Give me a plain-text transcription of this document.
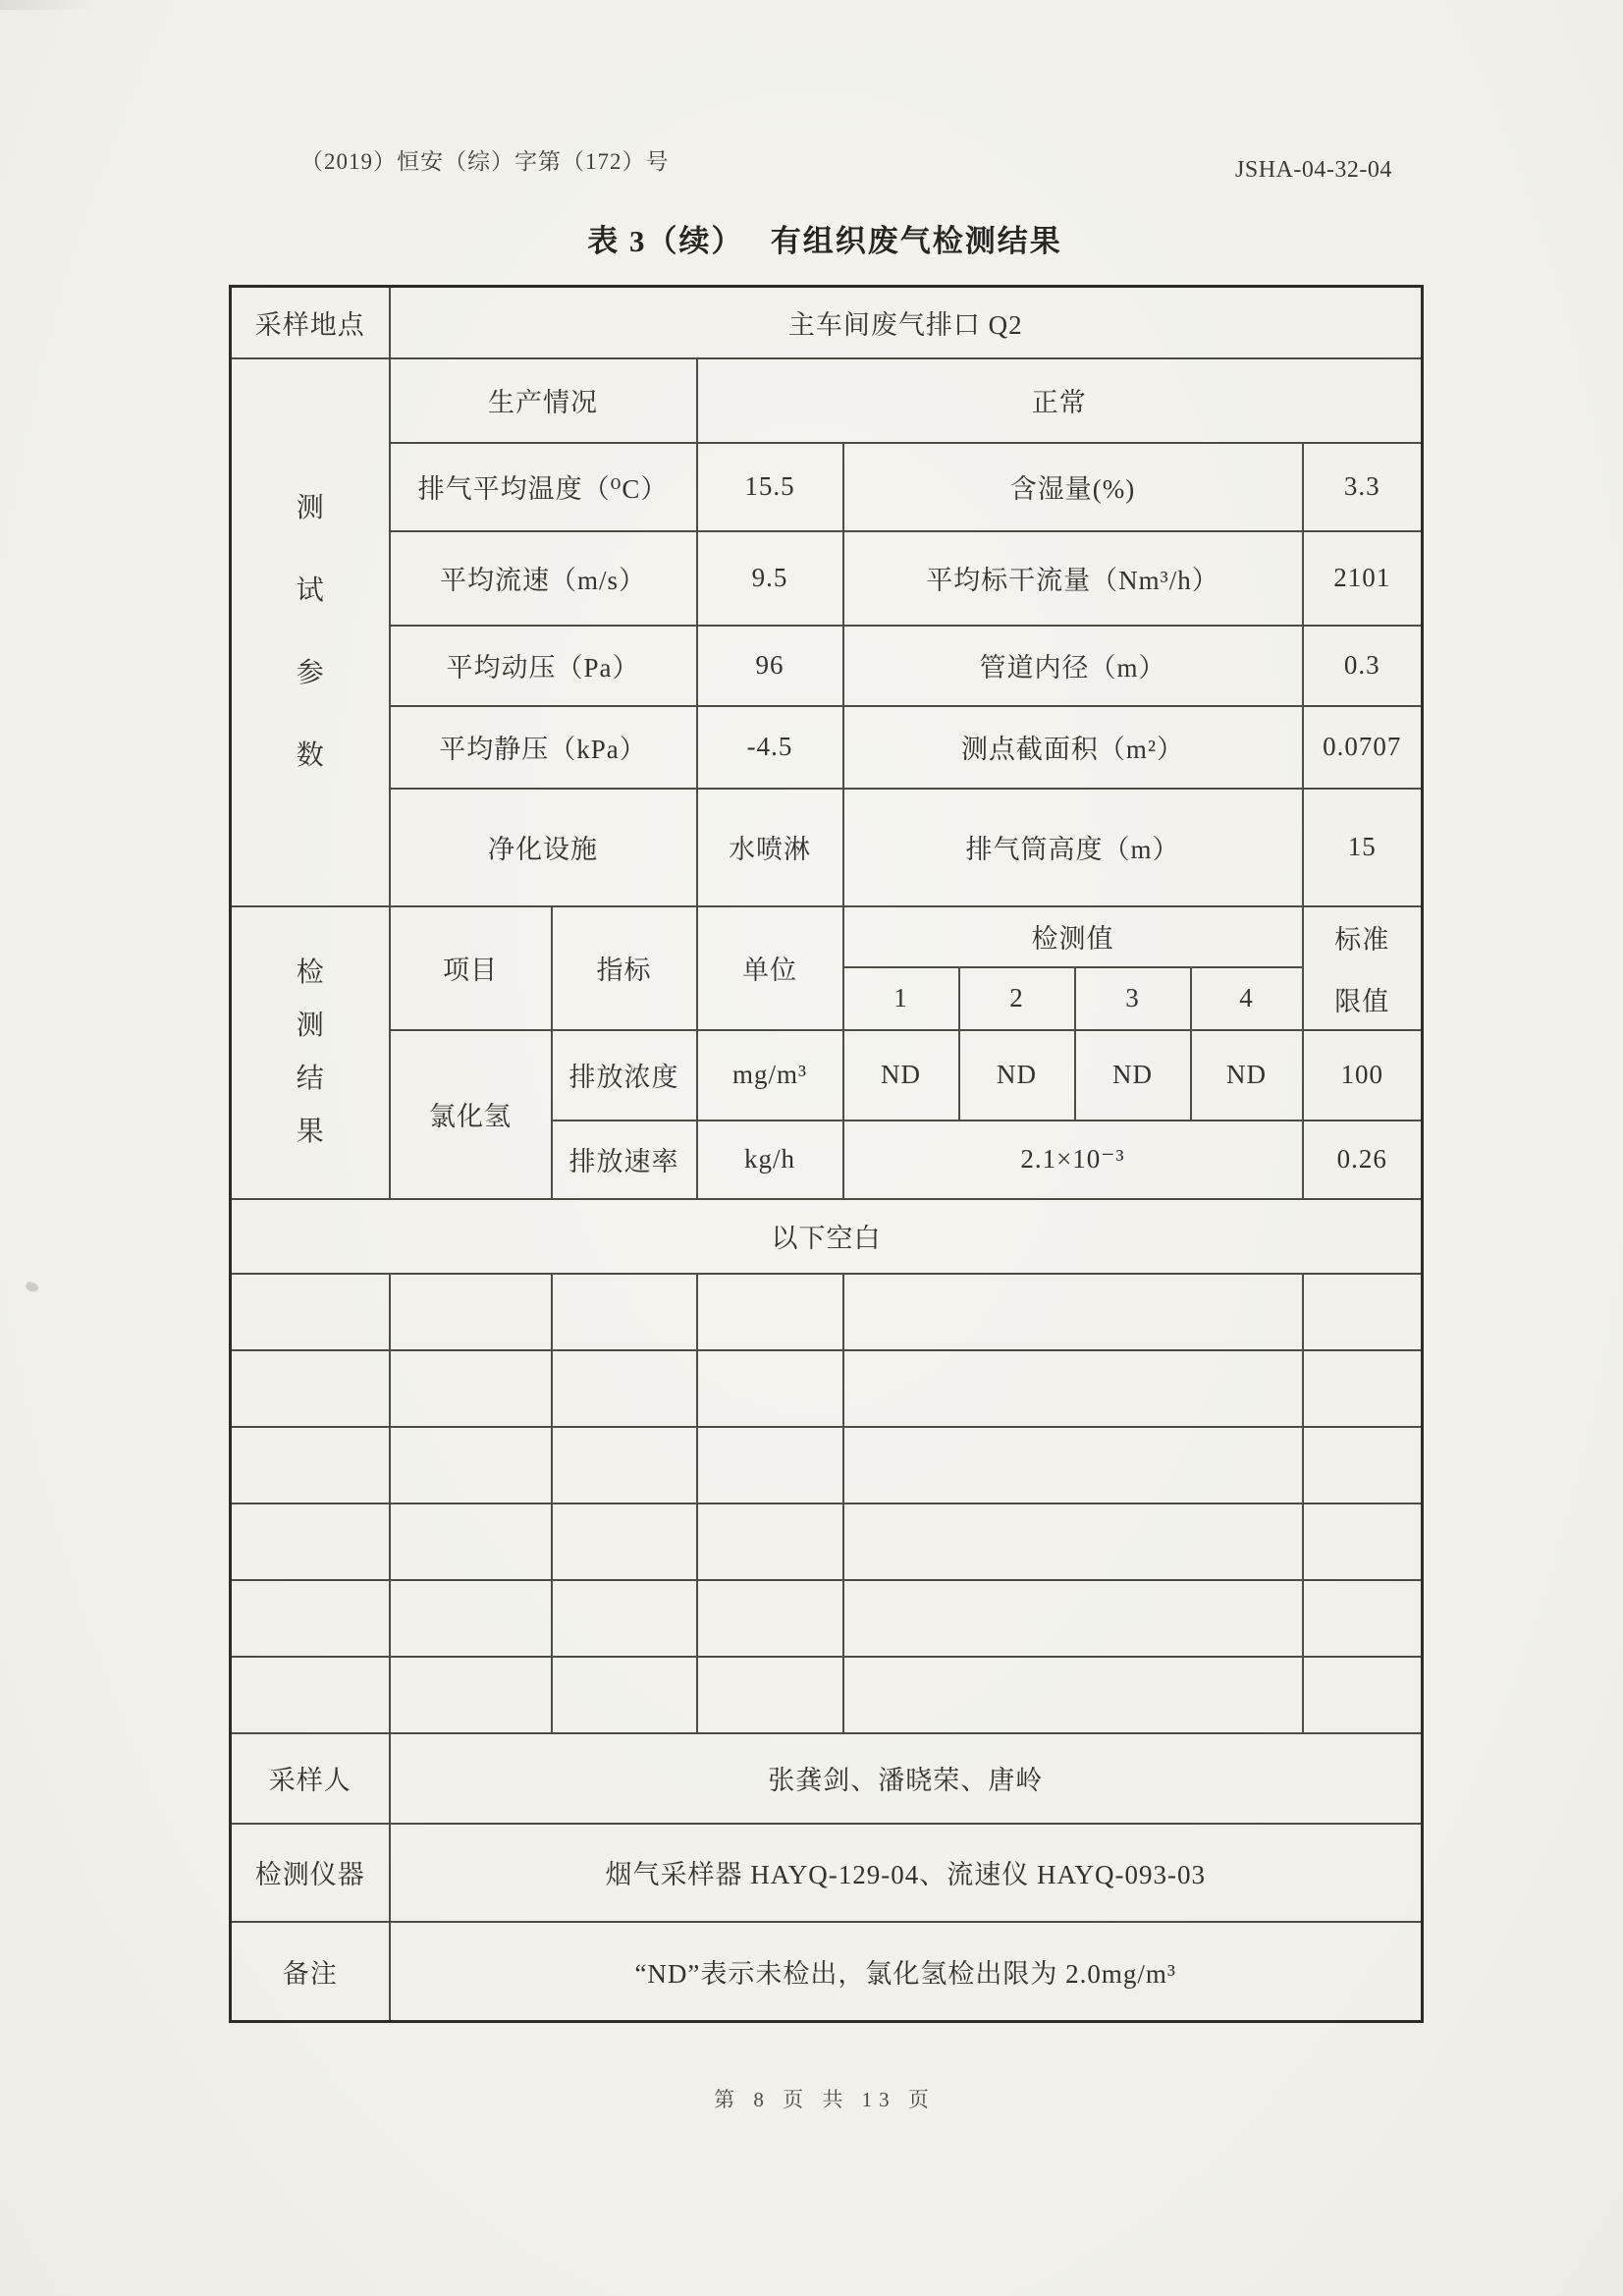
（2019）恒安（综）字第（172）号	JSHA-04-32-04
表 3（续）　 有组织废气检测结果
采样地点	主车间废气排口 Q2							

测
试
参
数	生产情况		正常					
	排气平均温度（⁰C）		15.5	含湿量(%)				3.3
	平均流速（m/s）		9.5	平均标干流量（Nm³/h）				2101
	平均动压（Pa）		96	管道内径（m）				0.3
	平均静压（kPa）		-4.5	测点截面积（m²）				0.0707
	净化设施		水喷淋	排气筒高度（m）				15

检
测
结
果	项目	指标	单位	检测值				标准
限值

				1	2	3	4	
	氯化氢	排放浓度	mg/m³	ND	ND	ND	ND	100
		排放速率	kg/h	2.1×10⁻³				0.26
以下空白								

采样人	张龚剑、潘晓荣、唐岭							
检测仪器	烟气采样器 HAYQ-129-04、流速仪 HAYQ-093-03							
备注	“ND”表示未检出，氯化氢检出限为 2.0mg/m³							
第 8 页 共 13 页
